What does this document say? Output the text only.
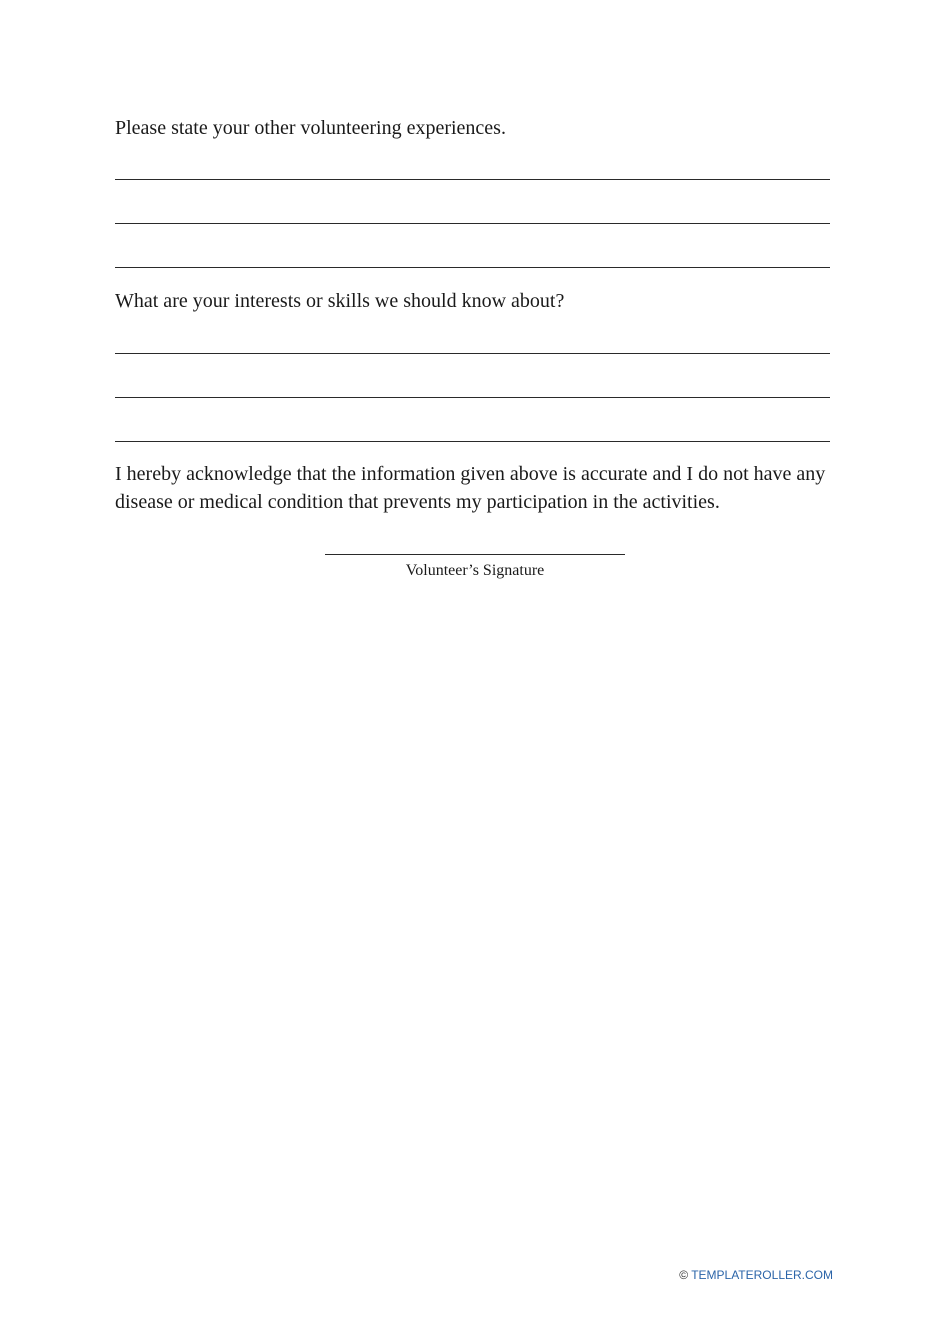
Please state your other volunteering experiences.

What are your interests or skills we should know about?

I hereby acknowledge that the information given above is accurate and I do not have any disease or medical condition that prevents my participation in the activities.

Volunteer’s Signature
© TEMPLATEROLLER.COM
